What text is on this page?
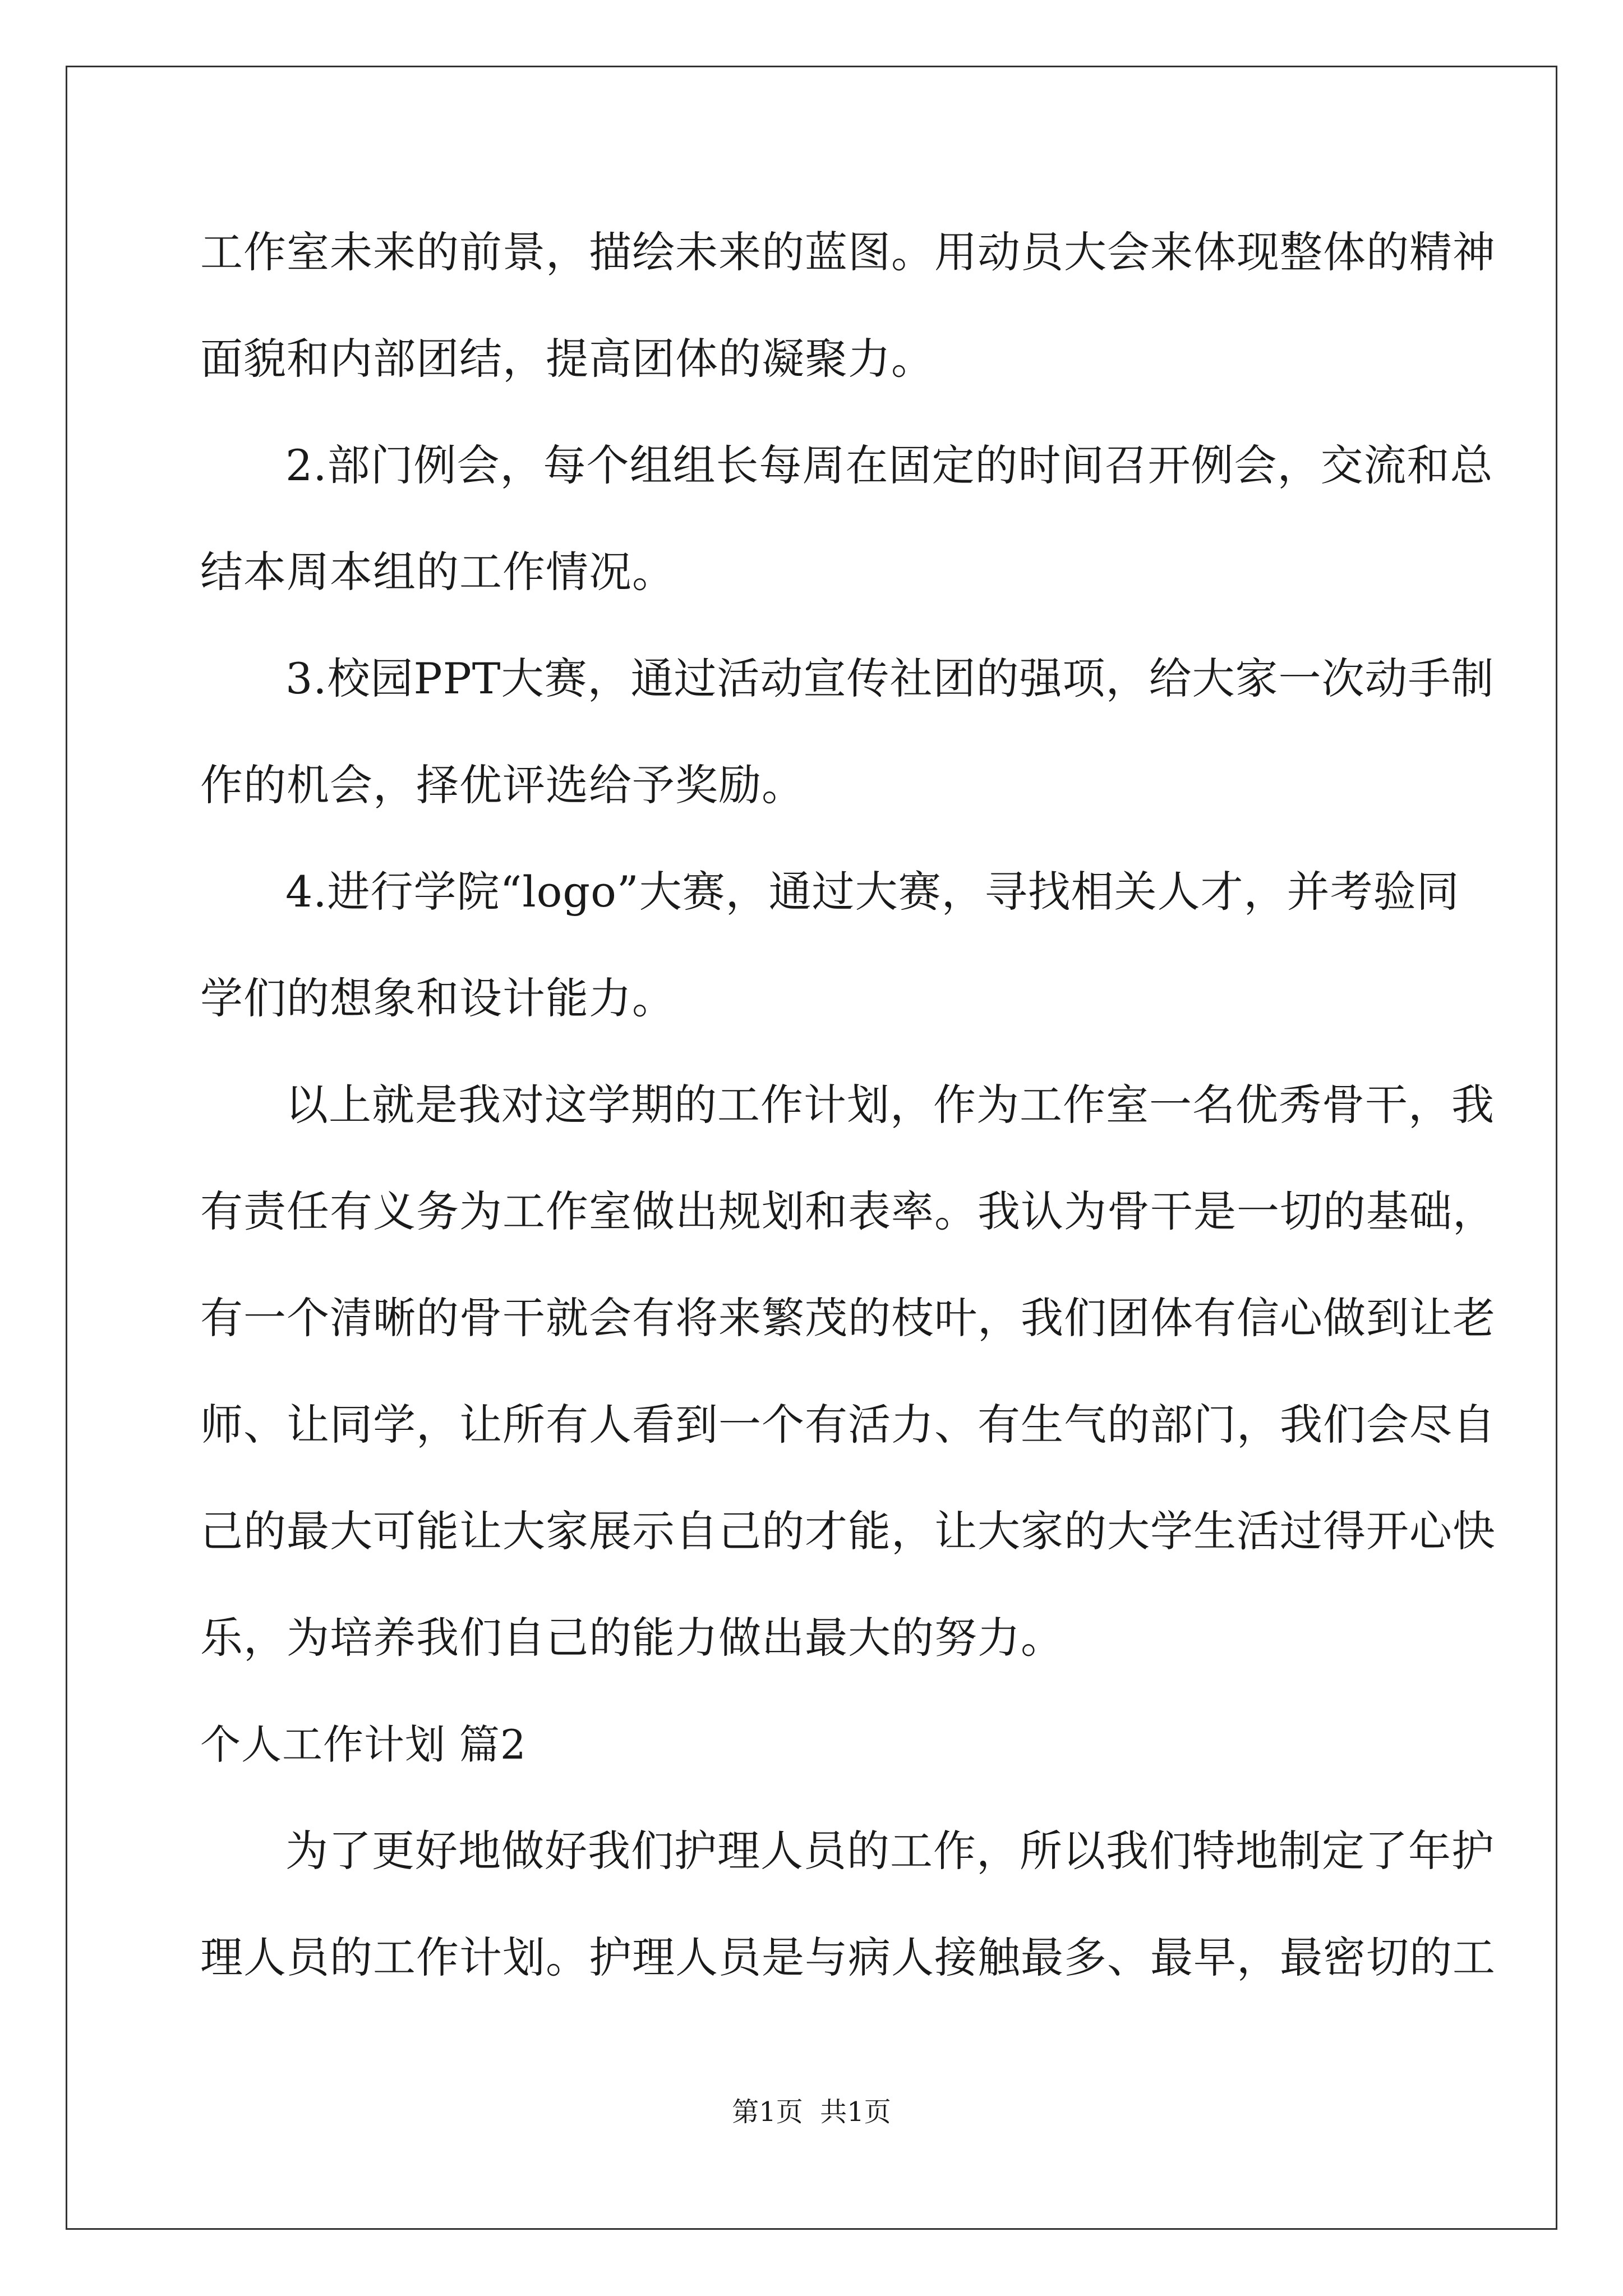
工作室未来的前景，描绘未来的蓝图。用动员大会来体现整体的精神
面貌和内部团结，提高团体的凝聚力。
2.部门例会，每个组组长每周在固定的时间召开例会，交流和总
结本周本组的工作情况。
3.校园PPT大赛，通过活动宣传社团的强项，给大家一次动手制
作的机会，择优评选给予奖励。
4.进行学院“logo”大赛，通过大赛，寻找相关人才，并考验同
学们的想象和设计能力。
以上就是我对这学期的工作计划，作为工作室一名优秀骨干，我
有责任有义务为工作室做出规划和表率。我认为骨干是一切的基础，
有一个清晰的骨干就会有将来繁茂的枝叶，我们团体有信心做到让老
师、让同学，让所有人看到一个有活力、有生气的部门，我们会尽自
己的最大可能让大家展示自己的才能，让大家的大学生活过得开心快
乐，为培养我们自己的能力做出最大的努力。
个人工作计划 篇2
为了更好地做好我们护理人员的工作，所以我们特地制定了年护
理人员的工作计划。护理人员是与病人接触最多、最早，最密切的工
第1页  共1页
